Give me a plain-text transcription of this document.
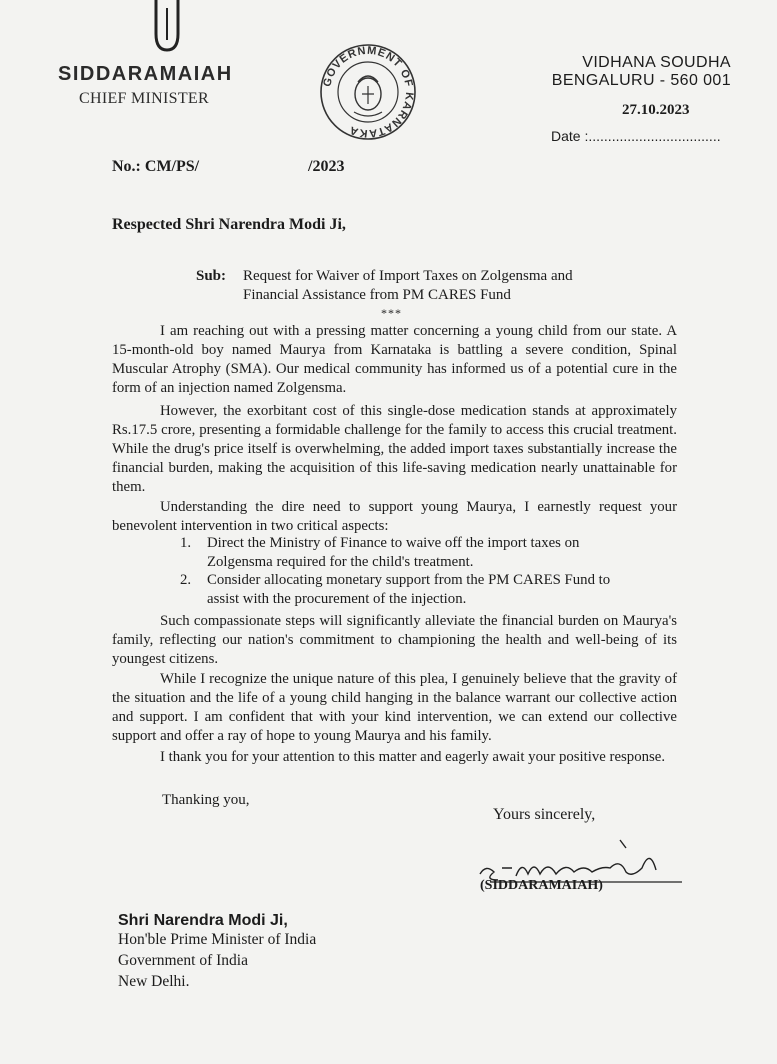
SIDDARAMAIAH
CHIEF MINISTER
GOVERNMENT OF KARNATAKA
VIDHANA SOUDHA
BENGALURU - 560 001
27.10.2023
Date :..................................
No.: CM/PS/	/2023
Respected Shri Narendra Modi Ji,
Sub: Request for Waiver of Import Taxes on Zolgensma and
Financial Assistance from PM CARES Fund
***
I am reaching out with a pressing matter concerning a young child from our state. A 15-month-old boy named Maurya from Karnataka is battling a severe condition, Spinal Muscular Atrophy (SMA). Our medical community has informed us of a potential cure in the form of an injection named Zolgensma.
However, the exorbitant cost of this single-dose medication stands at approximately Rs.17.5 crore, presenting a formidable challenge for the family to access this crucial treatment. While the drug's price itself is overwhelming, the added import taxes substantially increase the financial burden, making the acquisition of this life-saving medication nearly unattainable for them.
Understanding the dire need to support young Maurya, I earnestly request your benevolent intervention in two critical aspects:
1. Direct the Ministry of Finance to waive off the import taxes on Zolgensma required for the child's treatment.
2. Consider allocating monetary support from the PM CARES Fund to assist with the procurement of the injection.
Such compassionate steps will significantly alleviate the financial burden on Maurya's family, reflecting our nation's commitment to championing the health and well-being of its youngest citizens.
While I recognize the unique nature of this plea, I genuinely believe that the gravity of the situation and the life of a young child hanging in the balance warrant our collective action and support. I am confident that with your kind intervention, we can extend our collective support and offer a ray of hope to young Maurya and his family.
I thank you for your attention to this matter and eagerly await your positive response.
Thanking you,
Yours sincerely,
(SIDDARAMAIAH)
Shri Narendra Modi Ji,
Hon'ble Prime Minister of India
Government of India
New Delhi.
